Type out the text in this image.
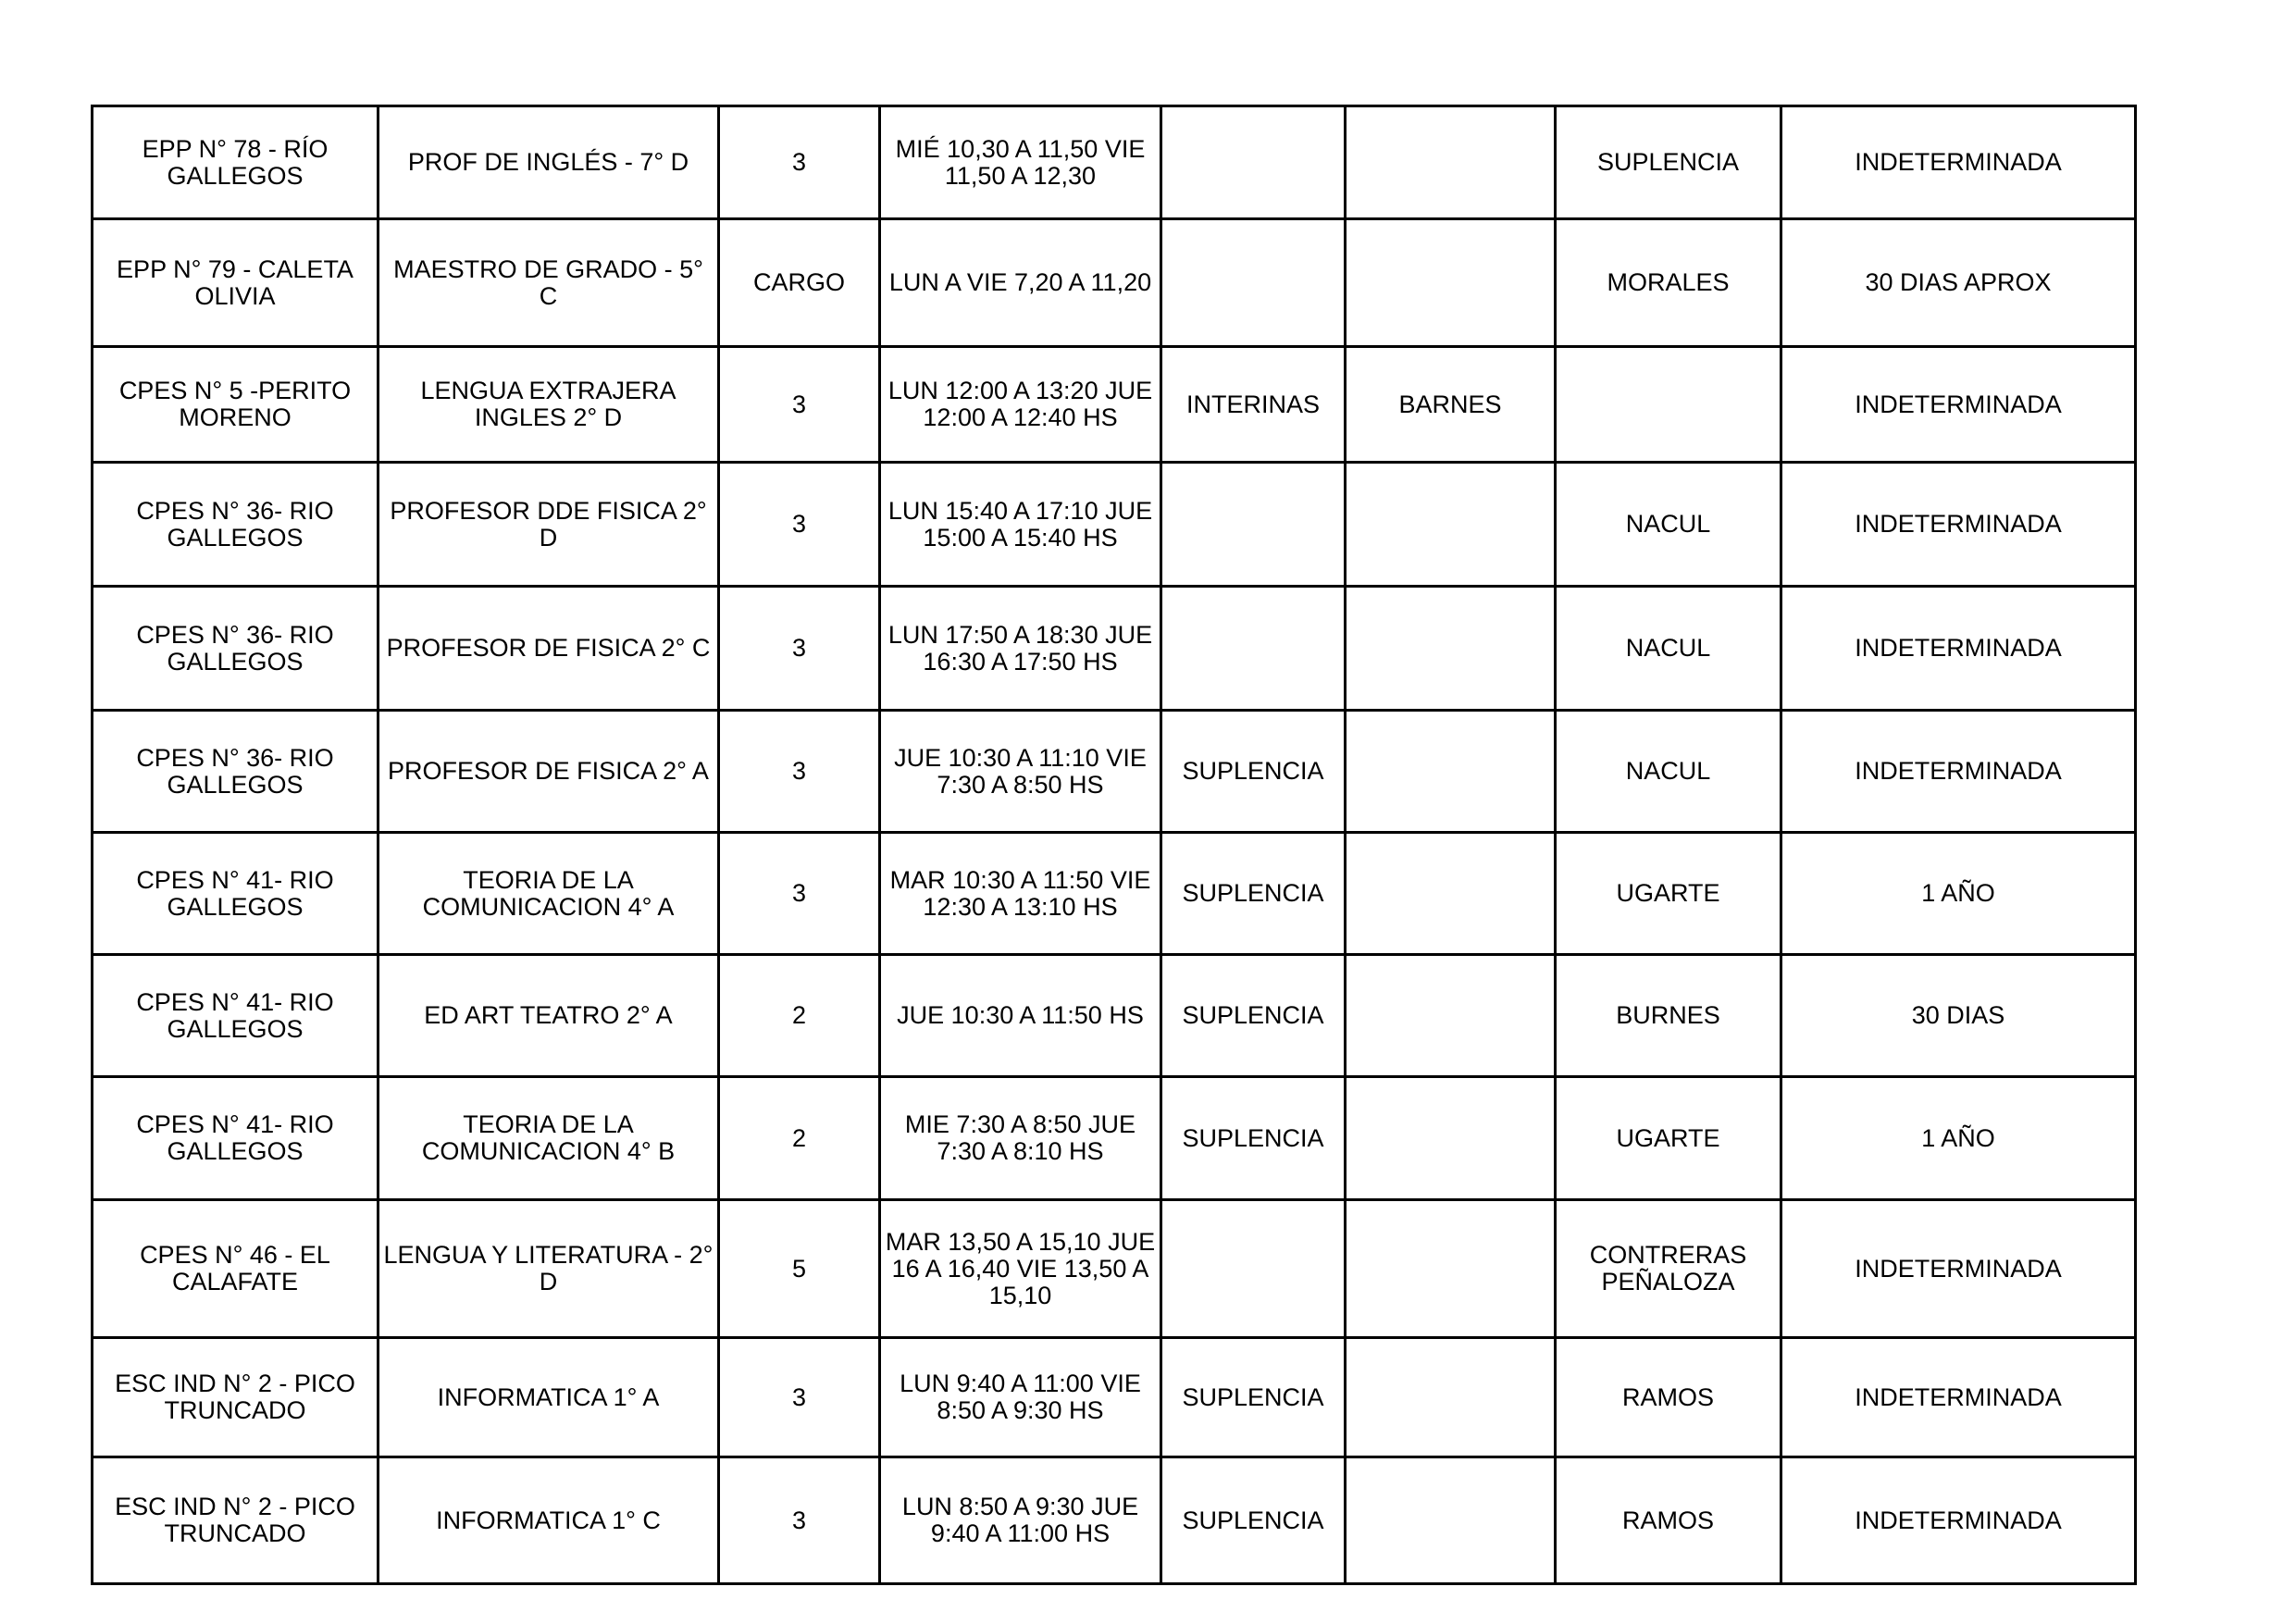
EPP N° 78 - RÍO GALLEGOS	PROF DE INGLÉS - 7° D	3	MIÉ 10,30 A 11,50 VIE 11,50 A 12,30			SUPLENCIA	INDETERMINADA
EPP N° 79 - CALETA OLIVIA	MAESTRO DE GRADO - 5° C	CARGO	LUN A VIE 7,20 A 11,20			MORALES	30 DIAS APROX
CPES N° 5 -PERITO MORENO	LENGUA EXTRAJERA INGLES 2° D	3	LUN 12:00 A 13:20 JUE 12:00 A 12:40 HS	INTERINAS	BARNES		INDETERMINADA
CPES N° 36- RIO GALLEGOS	PROFESOR DDE FISICA 2° D	3	LUN 15:40 A 17:10 JUE 15:00 A 15:40 HS			NACUL	INDETERMINADA
CPES N° 36- RIO GALLEGOS	PROFESOR DE FISICA 2° C	3	LUN 17:50 A 18:30 JUE 16:30 A 17:50 HS			NACUL	INDETERMINADA
CPES N° 36- RIO GALLEGOS	PROFESOR DE FISICA 2° A	3	JUE 10:30 A 11:10 VIE 7:30 A 8:50 HS	SUPLENCIA		NACUL	INDETERMINADA
CPES N° 41- RIO GALLEGOS	TEORIA DE LA COMUNICACION 4° A	3	MAR 10:30 A 11:50 VIE 12:30 A 13:10 HS	SUPLENCIA		UGARTE	1 AÑO
CPES N° 41- RIO GALLEGOS	ED ART TEATRO 2° A	2	JUE 10:30 A 11:50 HS	SUPLENCIA		BURNES	30 DIAS
CPES N° 41- RIO GALLEGOS	TEORIA DE LA COMUNICACION 4° B	2	MIE 7:30 A 8:50 JUE 7:30 A 8:10 HS	SUPLENCIA		UGARTE	1 AÑO
CPES N° 46 - EL CALAFATE	LENGUA Y LITERATURA - 2° D	5	MAR 13,50 A 15,10 JUE 16 A 16,40 VIE 13,50 A 15,10			CONTRERAS PEÑALOZA	INDETERMINADA
ESC IND N° 2 - PICO TRUNCADO	INFORMATICA 1° A	3	LUN 9:40 A 11:00 VIE 8:50 A 9:30 HS	SUPLENCIA		RAMOS	INDETERMINADA
ESC IND N° 2 - PICO TRUNCADO	INFORMATICA 1° C	3	LUN 8:50 A 9:30 JUE 9:40 A 11:00 HS	SUPLENCIA		RAMOS	INDETERMINADA
